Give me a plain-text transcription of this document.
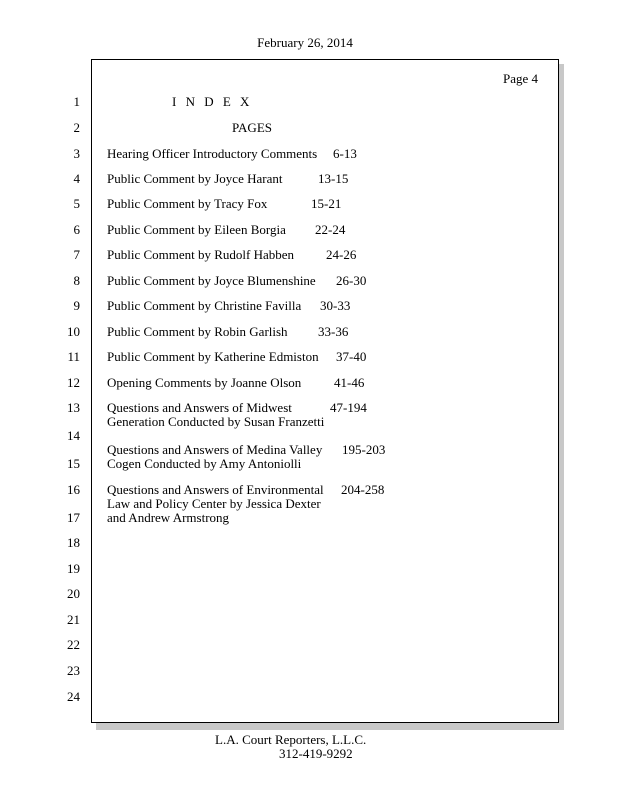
February 26, 2014
Page 4
1
2
3
4
5
6
7
8
9
10
11
12
13
14
15
16
17
18
19
20
21
22
23
24
I N D E X
PAGES
Hearing Officer Introductory Comments 6-13
Public Comment by Joyce Harant	13-15
Public Comment by Tracy Fox	15-21
Public Comment by Eileen Borgia 22-24
Public Comment by Rudolf Habben 24-26
Public Comment by Joyce Blumenshine 26-30
Public Comment by Christine Favilla 30-33
Public Comment by Robin Garlish 33-36
Public Comment by Katherine Edmiston 37-40
Opening Comments by Joanne Olson	41-46
Questions and Answers of Midwest
Generation Conducted by Susan Franzetti
47-194
Questions and Answers of Medina Valley
Cogen Conducted by Amy Antoniolli
195-203
Questions and Answers of Environmental
Law and Policy Center by Jessica Dexter
and Andrew Armstrong
204-258
L.A. Court Reporters, L.L.C.
312-419-9292
